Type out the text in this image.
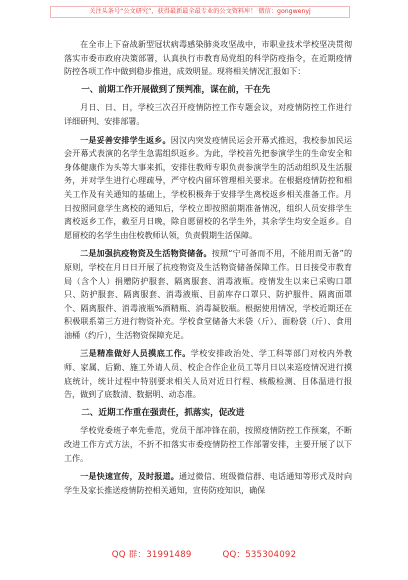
关注头条号“公文研究”，获得最新最全最专业的公文资料库！ 微信：gongwenyj

在全市上下奋战新型冠状病毒感染肺炎攻坚战中，市职业技术学校坚决贯彻落实市委市政府决策部署，认真执行市教育局党组的科学防疫指令，在近期疫情防控各项工作中做到稳步推进，成效明显。现将相关情况汇报如下：

一、前期工作开展做到了预判准，谋在前，干在先

月日、日、日，学校三次召开疫情防控工作专题会议，对疫情防控工作进行详细研判、安排部署。

一是妥善安排学生返乡。因汉内突发疫情民运会开幕式推迟，我校参加民运会开幕式表演的名学生急需组织返乡。为此，学校首先把参演学生的生命安全和身体健康作为头等大事来抓，安排住教师专职负责参演学生的活动组织及生活服务，并对学生进行心理疏导，严守校内留环管理相关要求。在根据疫情防控和相关工作及有关通知的基础上，学校积极奔于安排学生离校返乡相关准备工作。月日按照同意学生离校的通知后，学校立即按照前期准备情况，组织人员安排学生离校返乡工作，截至月日晚，除自愿留校的名学生外，其余学生均安全返乡。自愿留校的名学生由住校教师认领，负责假期生活保障。

二是加强抗疫物资及生活物资储备。按照“宁可备而不用，不能用而无备”的原则，学校在月日日开展了抗疫物资及生活物资储备保障工作。日日接受市教育局（含个人）捐赠防护服套、隔离服套、消毒液瓶。疫情发生以来已采购口罩只、防护服套、隔离服套、消毒液瓶、目前库存口罩只、防护服件、隔离面罩个、隔离服件、消毒液瓶%酒精瓶、消毒凝胶瓶。根据使用情况，学校近期还在积极联系第三方进行物资补充。学校食堂储备大米袋（斤）、面粉袋（斤）、食用油桶（约斤），生活物资保障充足。

三是精准做好人员摸底工作。学校安排政治处、学工科等部门对校内外教师、家属、后勤、施工外请人员、校企合作企业员工等月日以来巡疫情况进行摸底统计，统计过程中特别要求相关人员对近日行程、核酸检测、目体温进行报告，做到了底数清、数据明、动态准。

二、近期工作重在强责任，抓落实，促改进

学校党委班子率先垂范，党员干部冲锋在前，按照疫情防控工作预案，不断改进工作方式方法，不折不扣落实市委疫情防控工作部署安排，主要开展了以下工作。

一是快速宣传，及时报道。通过微信、班级微信群、电话通知等形式及时向学生及家长推送疫情防控相关通知，宣传防疫知识，确保

QQ 群：31991489	QQ：535304092
